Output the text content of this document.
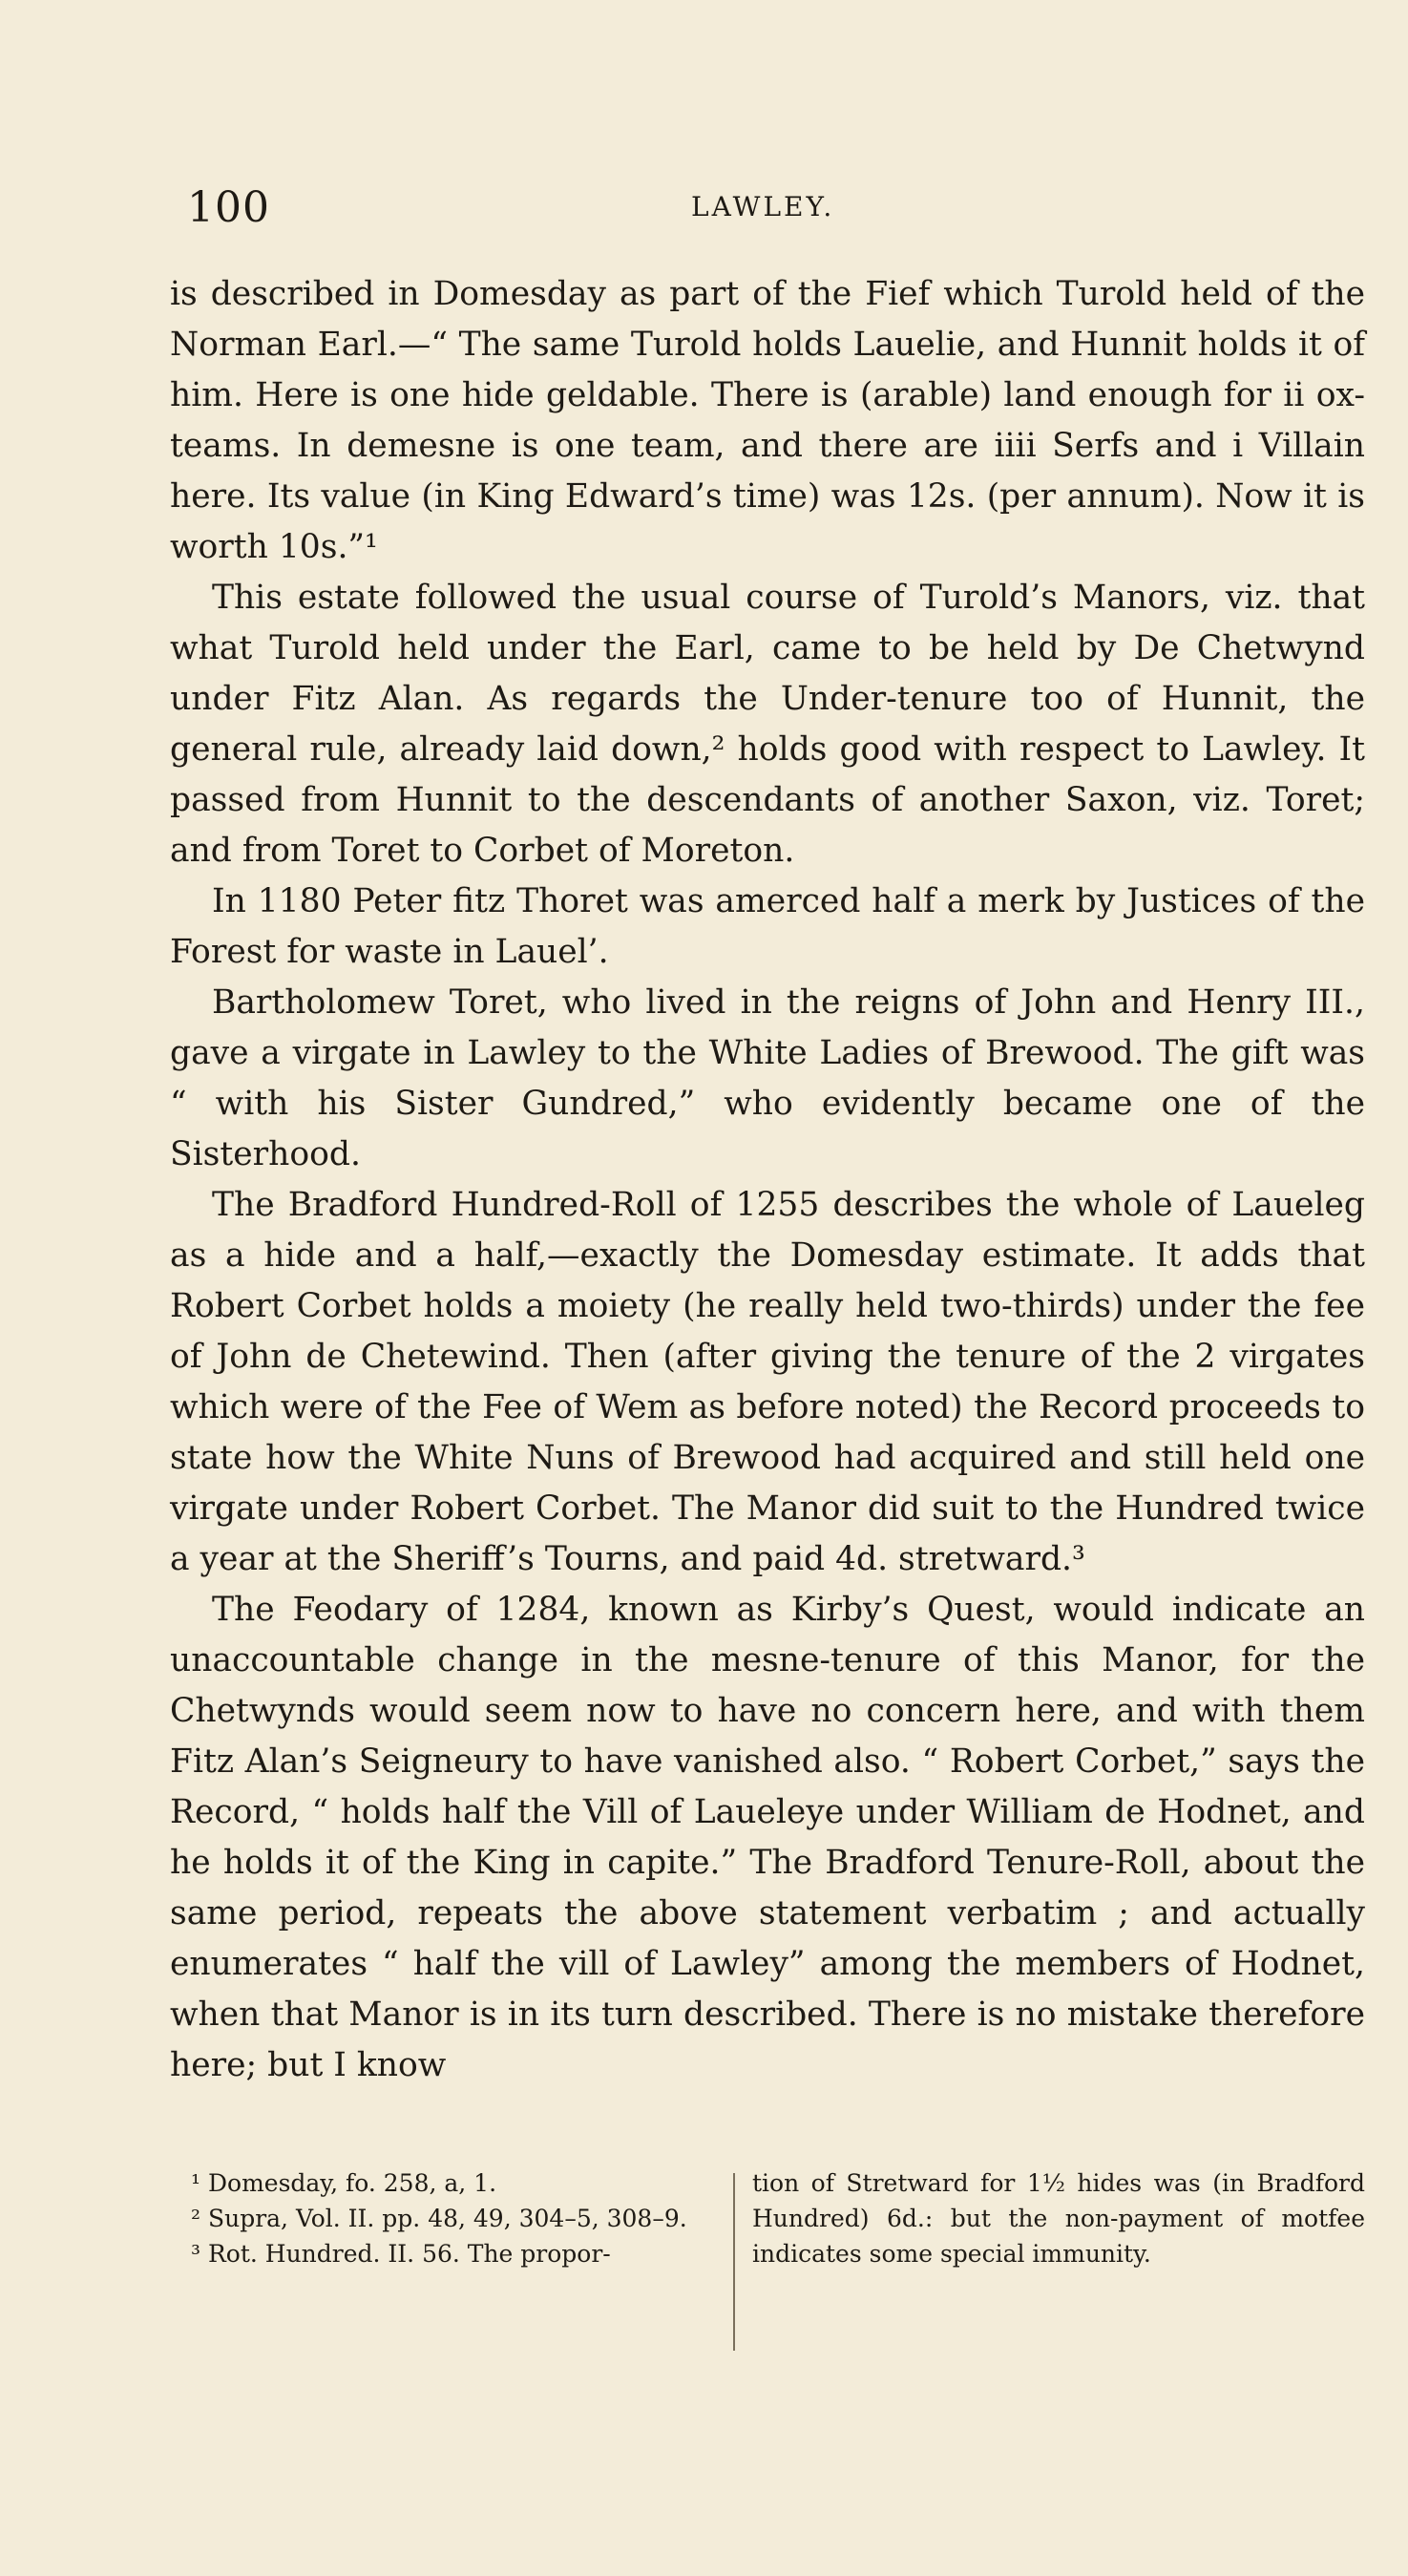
100	LAWLEY.

is described in Domesday as part of the Fief which Turold held of the Norman Earl.—“ The same Turold holds Lauelie, and Hunnit holds it of him. Here is one hide geldable. There is (arable) land enough for ii ox-teams. In demesne is one team, and there are iiii Serfs and i Villain here. Its value (in King Edward’s time) was 12s. (per annum). Now it is worth 10s.”¹

This estate followed the usual course of Turold’s Manors, viz. that what Turold held under the Earl, came to be held by De Chetwynd under Fitz Alan. As regards the Under-tenure too of Hunnit, the general rule, already laid down,² holds good with respect to Lawley. It passed from Hunnit to the descendants of another Saxon, viz. Toret; and from Toret to Corbet of Moreton.

In 1180 Peter fitz Thoret was amerced half a merk by Justices of the Forest for waste in Lauel’.

Bartholomew Toret, who lived in the reigns of John and Henry III., gave a virgate in Lawley to the White Ladies of Brewood. The gift was “ with his Sister Gundred,” who evidently became one of the Sisterhood.

The Bradford Hundred-Roll of 1255 describes the whole of Laueleg as a hide and a half,—exactly the Domesday estimate. It adds that Robert Corbet holds a moiety (he really held two-thirds) under the fee of John de Chetewind. Then (after giving the tenure of the 2 virgates which were of the Fee of Wem as before noted) the Record proceeds to state how the White Nuns of Brewood had acquired and still held one virgate under Robert Corbet. The Manor did suit to the Hundred twice a year at the Sheriff’s Tourns, and paid 4d. stretward.³

The Feodary of 1284, known as Kirby’s Quest, would indicate an unaccountable change in the mesne-tenure of this Manor, for the Chetwynds would seem now to have no concern here, and with them Fitz Alan’s Seigneury to have vanished also. “ Robert Corbet,” says the Record, “ holds half the Vill of Laueleye under William de Hodnet, and he holds it of the King in capite.” The Bradford Tenure-Roll, about the same period, repeats the above statement verbatim ; and actually enumerates “ half the vill of Lawley” among the members of Hodnet, when that Manor is in its turn described. There is no mistake therefore here; but I know

¹ Domesday, fo. 258, a, 1.

² Supra, Vol. II. pp. 48, 49, 304–5, 308–9.

³ Rot. Hundred. II. 56. The propor-

tion of Stretward for 1½ hides was (in Bradford Hundred) 6d.: but the non-payment of motfee indicates some special immunity.
